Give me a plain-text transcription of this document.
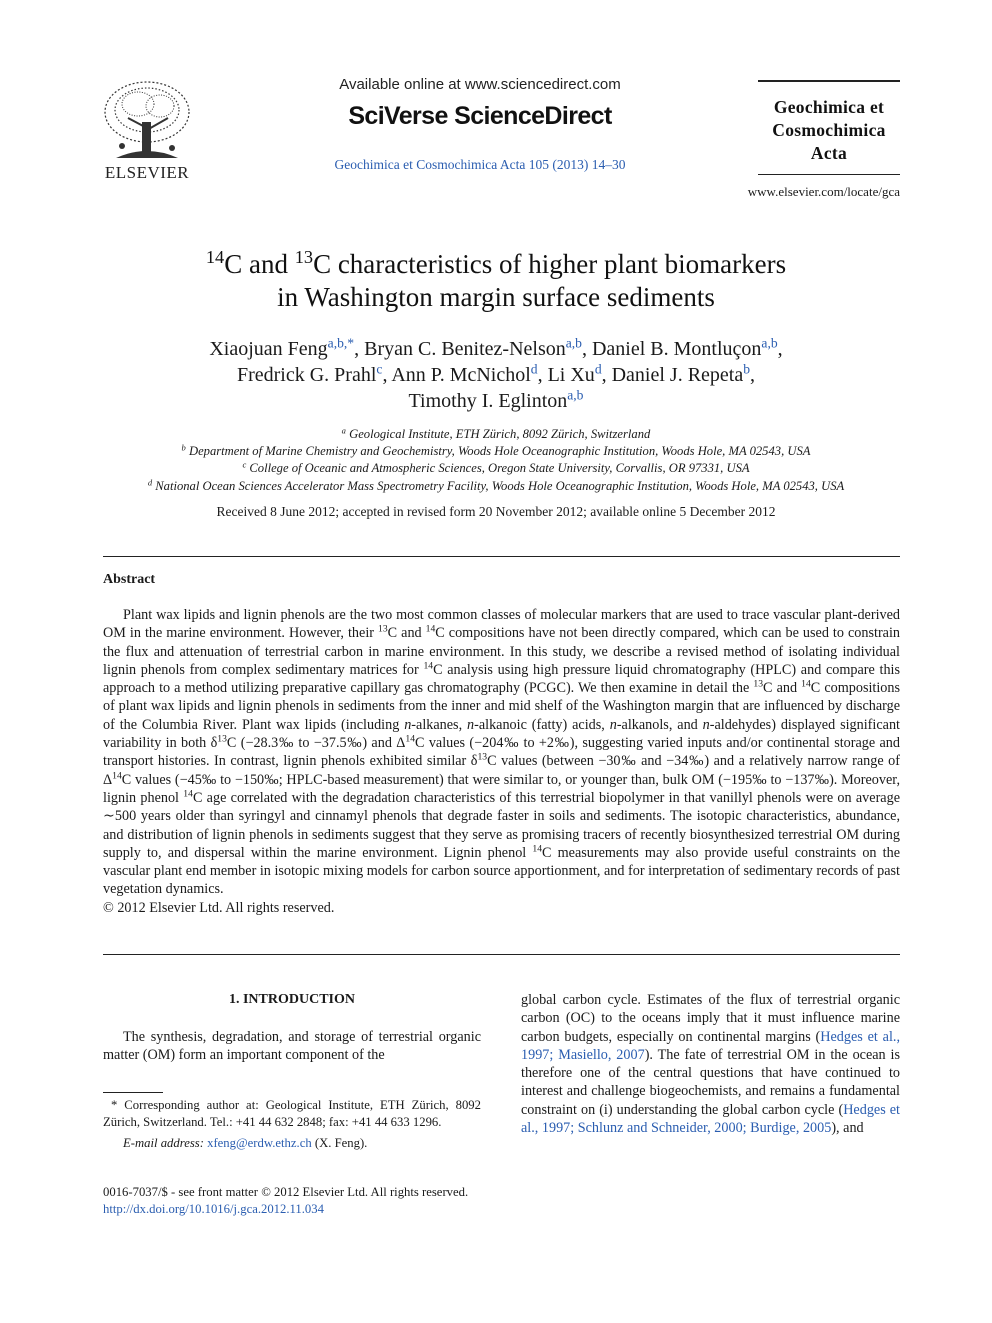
ELSEVIER
Available online at www.sciencedirect.com
SciVerse ScienceDirect
Geochimica et Cosmochimica Acta 105 (2013) 14–30
Geochimica et
Cosmochimica
Acta
www.elsevier.com/locate/gca
$^{14}$C and $^{13}$C characteristics of higher plant biomarkers
in Washington margin surface sediments
Xiaojuan Feng$^{a,b,*}$, Bryan C. Benitez-Nelson$^{a,b}$, Daniel B. Montluçon$^{a,b}$,
Fredrick G. Prahl$^c$, Ann P. McNichol$^d$, Li Xu$^d$, Daniel J. Repeta$^b$,
Timothy I. Eglinton$^{a,b}$
$^a$ Geological Institute, ETH Zürich, 8092 Zürich, Switzerland
$^b$ Department of Marine Chemistry and Geochemistry, Woods Hole Oceanographic Institution, Woods Hole, MA 02543, USA
$^c$ College of Oceanic and Atmospheric Sciences, Oregon State University, Corvallis, OR 97331, USA
$^d$ National Ocean Sciences Accelerator Mass Spectrometry Facility, Woods Hole Oceanographic Institution, Woods Hole, MA 02543, USA
Received 8 June 2012; accepted in revised form 20 November 2012; available online 5 December 2012
Abstract

Plant wax lipids and lignin phenols are the two most common classes of molecular markers that are used to trace vascular plant-derived OM in the marine environment. However, their $^{13}$C and $^{14}$C compositions have not been directly compared, which can be used to constrain the flux and attenuation of terrestrial carbon in marine environment. In this study, we describe a revised method of isolating individual lignin phenols from complex sedimentary matrices for $^{14}$C analysis using high pressure liquid chromatography (HPLC) and compare this approach to a method utilizing preparative capillary gas chromatography (PCGC). We then examine in detail the $^{13}$C and $^{14}$C compositions of plant wax lipids and lignin phenols in sediments from the inner and mid shelf of the Washington margin that are influenced by discharge of the Columbia River. Plant wax lipids (including n-alkanes, n-alkanoic (fatty) acids, n-alkanols, and n-aldehydes) displayed significant variability in both $\delta^{13}C$ (−28.3‰ to −37.5‰) and $\Delta^{14}C$ values (−204‰ to +2‰), suggesting varied inputs and/or continental storage and transport histories. In contrast, lignin phenols exhibited similar $\delta^{13}C$ values (between −30‰ and −34‰) and a relatively narrow range of $\Delta^{14}C$ values (−45‰ to −150‰; HPLC-based measurement) that were similar to, or younger than, bulk OM (−195‰ to −137‰). Moreover, lignin phenol $^{14}$C age correlated with the degradation characteristics of this terrestrial biopolymer in that vanillyl phenols were on average ∼500 years older than syringyl and cinnamyl phenols that degrade faster in soils and sediments. The isotopic characteristics, abundance, and distribution of lignin phenols in sediments suggest that they serve as promising tracers of recently biosynthesized terrestrial OM during supply to, and dispersal within the marine environment. Lignin phenol $^{14}$C measurements may also provide useful constraints on the vascular plant end member in isotopic mixing models for carbon source apportionment, and for interpretation of sedimentary records of past vegetation dynamics.

© 2012 Elsevier Ltd. All rights reserved.

1. INTRODUCTION
The synthesis, degradation, and storage of terrestrial organic matter (OM) form an important component of the
* Corresponding author at: Geological Institute, ETH Zürich, 8092 Zürich, Switzerland. Tel.: +41 44 632 2848; fax: +41 44 633 1296.
E-mail address: xfeng@erdw.ethz.ch (X. Feng).
0016-7037/$ - see front matter © 2012 Elsevier Ltd. All rights reserved.
http://dx.doi.org/10.1016/j.gca.2012.11.034
global carbon cycle. Estimates of the flux of terrestrial organic carbon (OC) to the oceans imply that it must influence marine carbon budgets, especially on continental margins (Hedges et al., 1997; Masiello, 2007). The fate of terrestrial OM in the ocean is therefore one of the central questions that have continued to interest and challenge biogeochemists, and remains a fundamental constraint on (i) understanding the global carbon cycle (Hedges et al., 1997; Schlunz and Schneider, 2000; Burdige, 2005), and
